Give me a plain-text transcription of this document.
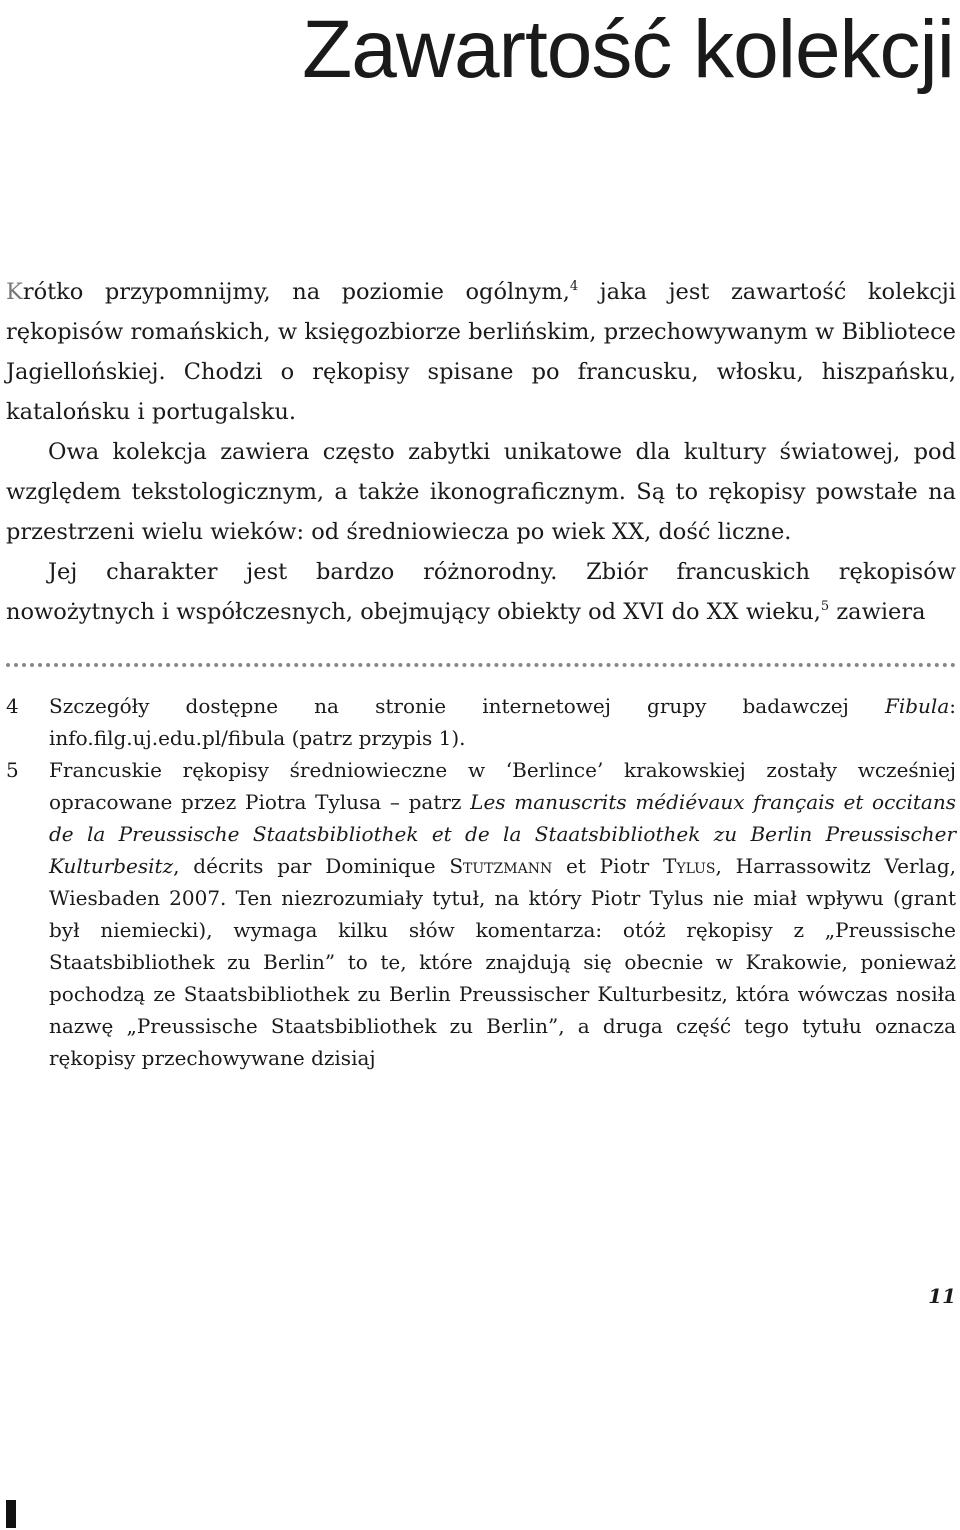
Zawartość kolekcji

Krótko przypomnijmy, na poziomie ogólnym,$^4$ jaka jest zawartość kolekcji rękopisów romańskich, w księgozbiorze berlińskim, przechowywanym w Bibliotece Jagiellońskiej. Chodzi o rękopisy spisane po francusku, włosku, hiszpańsku, katalońsku i portugalsku.

Owa kolekcja zawiera często zabytki unikatowe dla kultury światowej, pod względem tekstologicznym, a także ikonograficznym. Są to rękopisy powstałe na przestrzeni wielu wieków: od średniowiecza po wiek XX, dość liczne.

Jej charakter jest bardzo różnorodny. Zbiór francuskich rękopisów nowożytnych i współczesnych, obejmujący obiekty od XVI do XX wieku,$^5$ zawiera

4 Szczegóły dostępne na stronie internetowej grupy badawczej Fibula: info.filg.uj.edu.pl/fibula (patrz przypis 1).

5 Francuskie rękopisy średniowieczne w ‘Berlince’ krakowskiej zostały wcześniej opracowane przez Piotra Tylusa – patrz Les manuscrits médiévaux français et occitans de la Preussische Staatsbibliothek et de la Staatsbibliothek zu Berlin Preussischer Kulturbesitz, décrits par Dominique Stutzmann et Piotr Tylus, Harrassowitz Verlag, Wiesbaden 2007. Ten niezrozumiały tytuł, na który Piotr Tylus nie miał wpływu (grant był niemiecki), wymaga kilku słów komentarza: otóż rękopisy z „Preussische Staatsbibliothek zu Berlin” to te, które znajdują się obecnie w Krakowie, ponieważ pochodzą ze Staatsbibliothek zu Berlin Preussischer Kulturbesitz, która wówczas nosiła nazwę „Preussische Staatsbibliothek zu Berlin”, a druga część tego tytułu oznacza rękopisy przechowywane dzisiaj

11
